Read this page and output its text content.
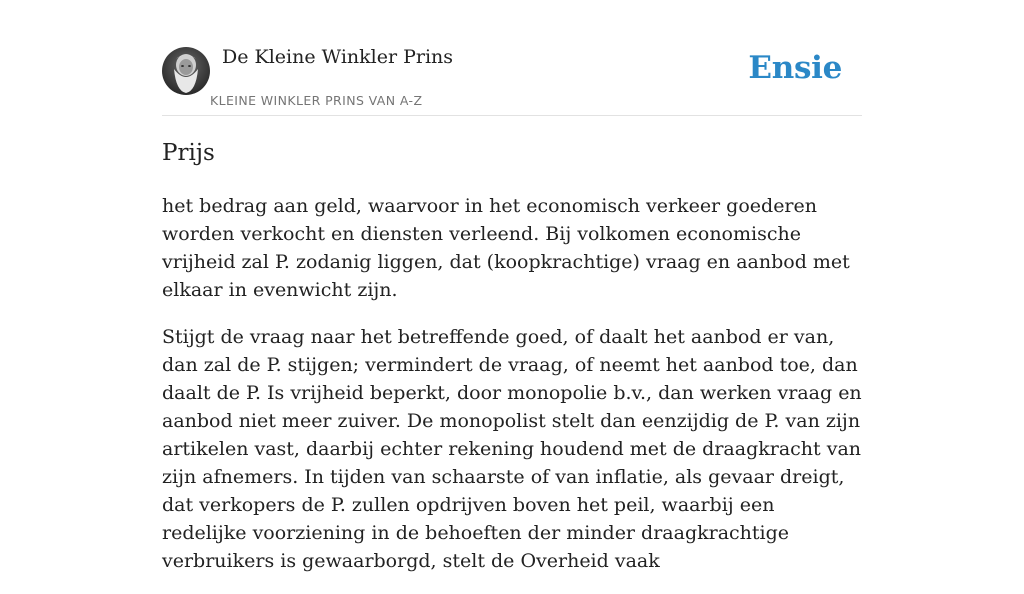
De Kleine Winkler Prins
KLEINE WINKLER PRINS VAN A-Z
Ensie
Prijs

het bedrag aan geld, waarvoor in het economisch verkeer goederen worden verkocht en diensten verleend. Bij volkomen economische vrijheid zal P. zodanig liggen, dat (koopkrachtige) vraag en aanbod met elkaar in evenwicht zijn.

Stijgt de vraag naar het betreffende goed, of daalt het aanbod er van, dan zal de P. stijgen; vermindert de vraag, of neemt het aanbod toe, dan daalt de P. Is vrijheid beperkt, door monopolie b.v., dan werken vraag en aanbod niet meer zuiver. De monopolist stelt dan eenzijdig de P. van zijn artikelen vast, daarbij echter rekening houdend met de draagkracht van zijn afnemers. In tijden van schaarste of van inflatie, als gevaar dreigt, dat verkopers de P. zullen opdrijven boven het peil, waarbij een redelijke voorziening in de behoeften der minder draagkrachtige verbruikers is gewaarborgd, stelt de Overheid vaak
